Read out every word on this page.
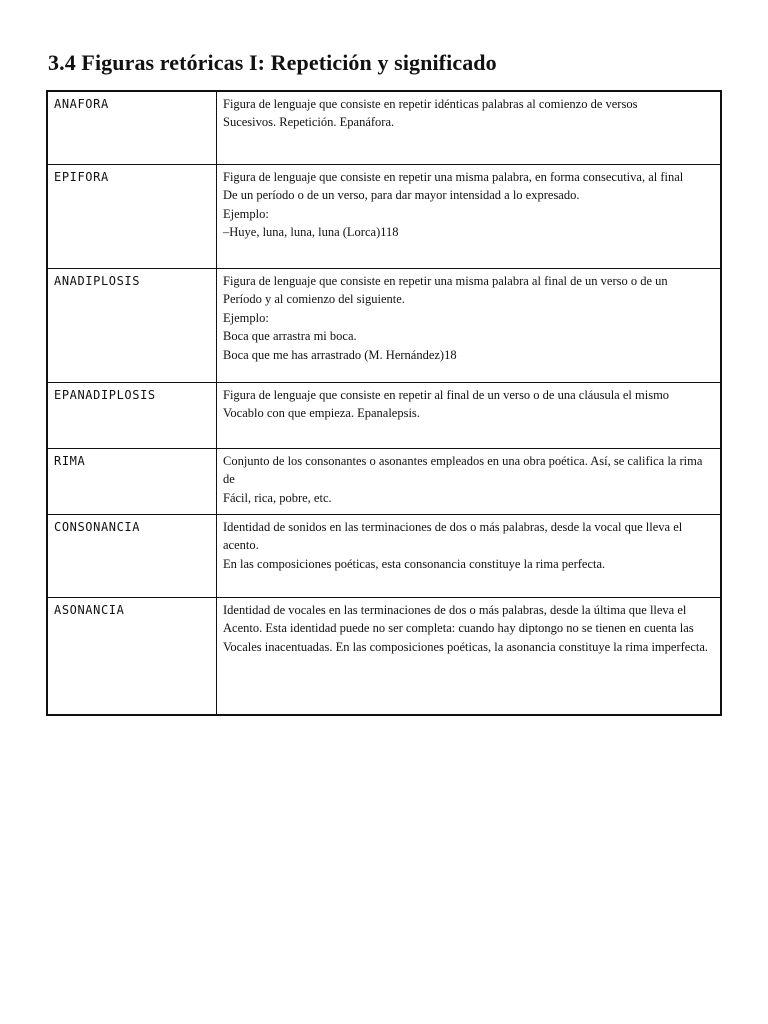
3.4 Figuras retóricas I: Repetición y significado
ANAFORA	Figura de lenguaje que consiste en repetir idénticas palabras al comienzo de versos
Sucesivos. Repetición. Epanáfora.

EPIFORA	Figura de lenguaje que consiste en repetir una misma palabra, en forma consecutiva, al final
De un período o de un verso, para dar mayor intensidad a lo expresado.
Ejemplo:
–Huye, luna, luna, luna (Lorca)118

ANADIPLOSIS	Figura de lenguaje que consiste en repetir una misma palabra al final de un verso o de un
Período y al comienzo del siguiente.
Ejemplo:
Boca que arrastra mi boca.
Boca que me has arrastrado (M. Hernández)18

EPANADIPLOSIS	Figura de lenguaje que consiste en repetir al final de un verso o de una cláusula el mismo
Vocablo con que empieza. Epanalepsis.

RIMA	Conjunto de los consonantes o asonantes empleados en una obra poética. Así, se califica la rima de
Fácil, rica, pobre, etc.

CONSONANCIA	Identidad de sonidos en las terminaciones de dos o más palabras, desde la vocal que lleva el acento.
En las composiciones poéticas, esta consonancia constituye la rima perfecta.

ASONANCIA	Identidad de vocales en las terminaciones de dos o más palabras, desde la última que lleva el
Acento. Esta identidad puede no ser completa: cuando hay diptongo no se tienen en cuenta las
Vocales inacentuadas. En las composiciones poéticas, la asonancia constituye la rima imperfecta.
